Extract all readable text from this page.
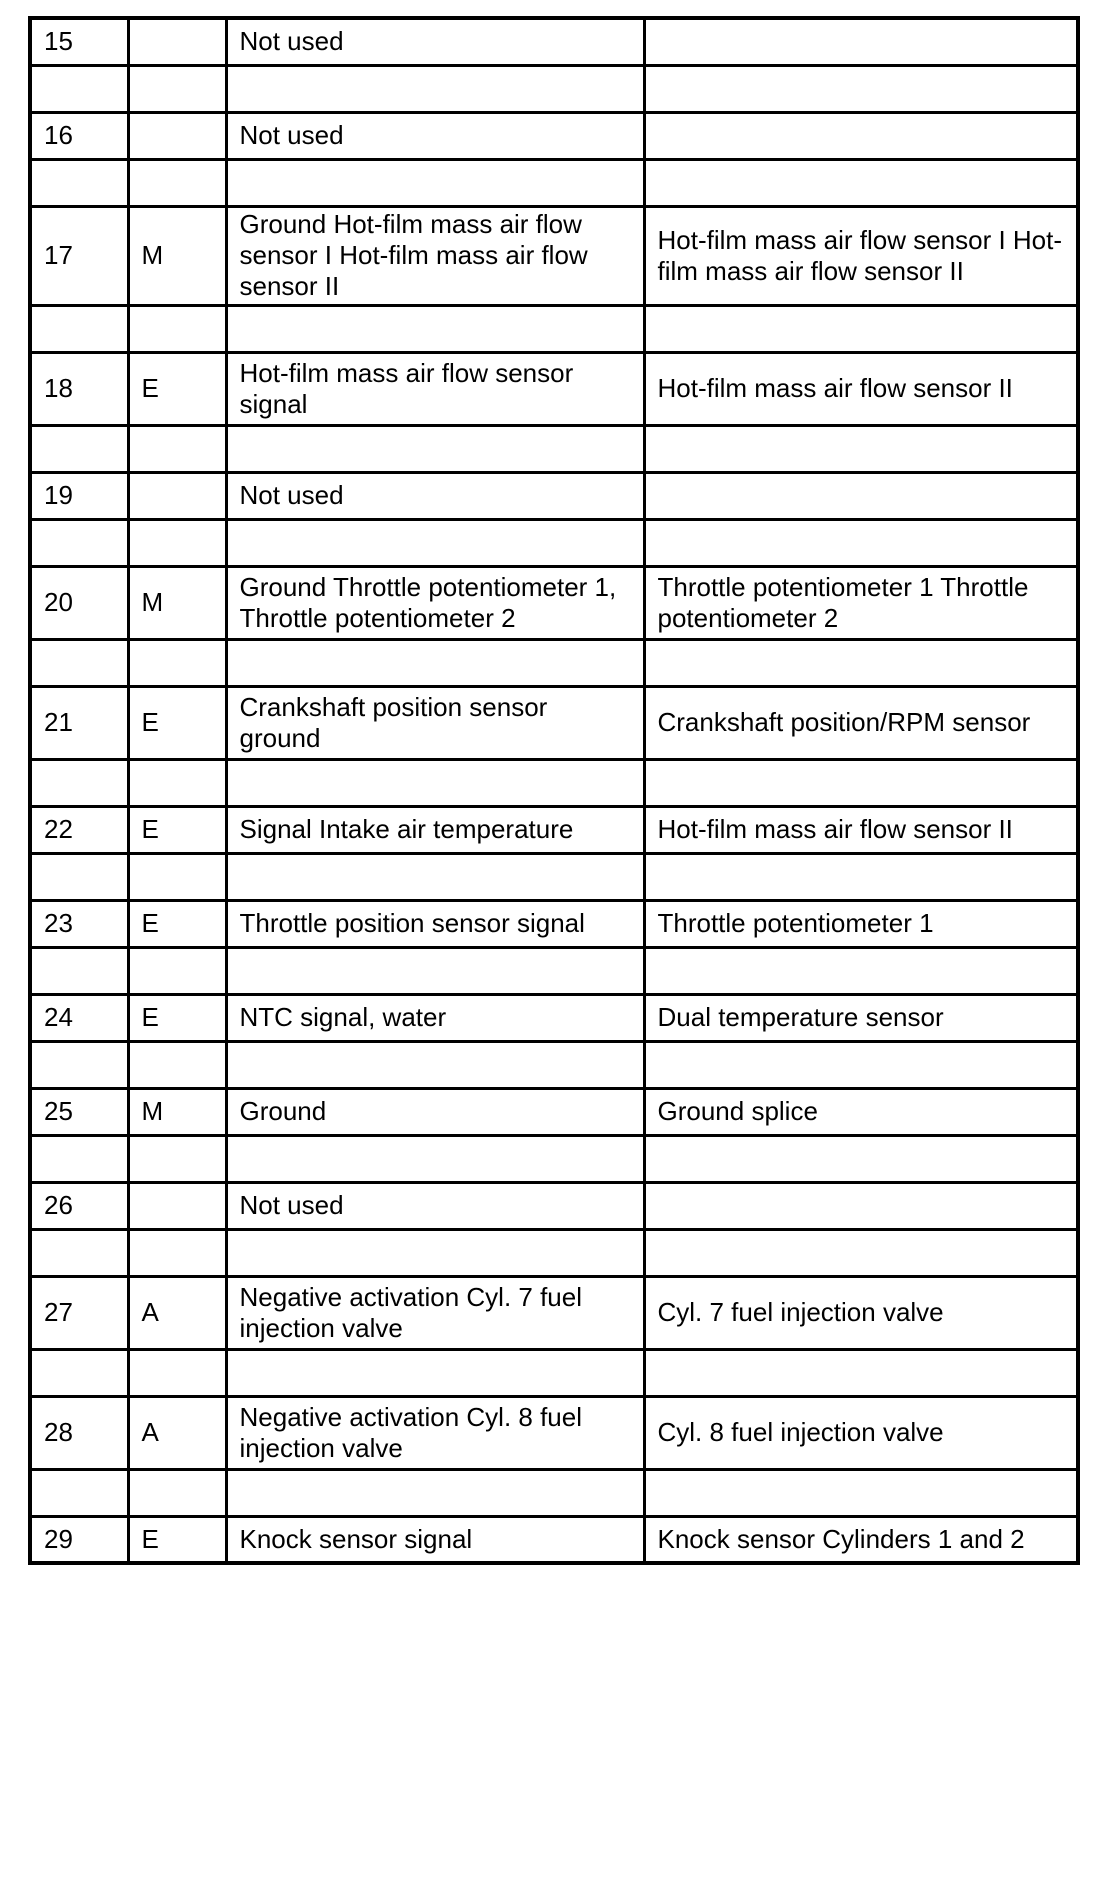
15		Not used	

16		Not used	

17	M	Ground Hot-film mass air flow sensor I Hot-film mass air flow sensor II	Hot-film mass air flow sensor I Hot-film mass air flow sensor II

18	E	Hot-film mass air flow sensor signal	Hot-film mass air flow sensor II

19		Not used	

20	M	Ground Throttle potentiometer 1, Throttle potentiometer 2	Throttle potentiometer 1 Throttle potentiometer 2

21	E	Crankshaft position sensor ground	Crankshaft position/RPM sensor

22	E	Signal Intake air temperature	Hot-film mass air flow sensor II

23	E	Throttle position sensor signal	Throttle potentiometer 1

24	E	NTC signal, water	Dual temperature sensor

25	M	Ground	Ground splice

26		Not used	

27	A	Negative activation Cyl. 7 fuel injection valve	Cyl. 7 fuel injection valve

28	A	Negative activation Cyl. 8 fuel injection valve	Cyl. 8 fuel injection valve

29	E	Knock sensor signal	Knock sensor Cylinders 1 and 2
